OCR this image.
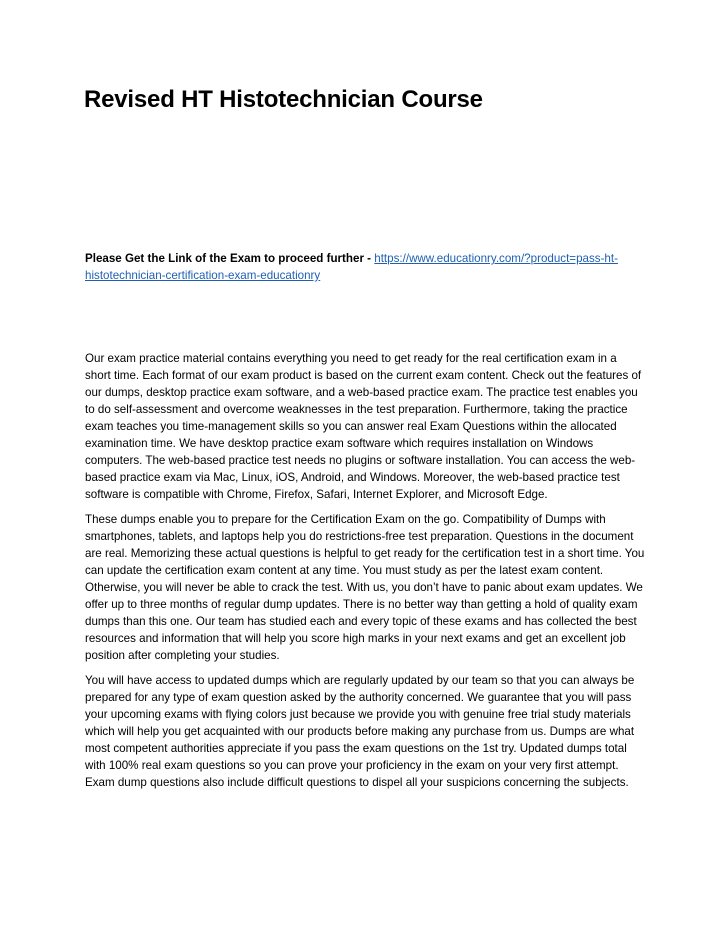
Revised HT Histotechnician Course

Please Get the Link of the Exam to proceed further - https://www.educationry.com/?product=pass-ht-histotechnician-certification-exam-educationry

Our exam practice material contains everything you need to get ready for the real certification exam in a short time. Each format of our exam product is based on the current exam content. Check out the features of our dumps, desktop practice exam software, and a web-based practice exam. The practice test enables you to do self-assessment and overcome weaknesses in the test preparation. Furthermore, taking the practice exam teaches you time-management skills so you can answer real Exam Questions within the allocated examination time. We have desktop practice exam software which requires installation on Windows computers. The web-based practice test needs no plugins or software installation. You can access the web-based practice exam via Mac, Linux, iOS, Android, and Windows. Moreover, the web-based practice test software is compatible with Chrome, Firefox, Safari, Internet Explorer, and Microsoft Edge.

These dumps enable you to prepare for the Certification Exam on the go. Compatibility of Dumps with smartphones, tablets, and laptops help you do restrictions-free test preparation. Questions in the document are real. Memorizing these actual questions is helpful to get ready for the certification test in a short time. You can update the certification exam content at any time. You must study as per the latest exam content. Otherwise, you will never be able to crack the test. With us, you don’t have to panic about exam updates. We offer up to three months of regular dump updates. There is no better way than getting a hold of quality exam dumps than this one. Our team has studied each and every topic of these exams and has collected the best resources and information that will help you score high marks in your next exams and get an excellent job position after completing your studies.

You will have access to updated dumps which are regularly updated by our team so that you can always be prepared for any type of exam question asked by the authority concerned. We guarantee that you will pass your upcoming exams with flying colors just because we provide you with genuine free trial study materials which will help you get acquainted with our products before making any purchase from us. Dumps are what most competent authorities appreciate if you pass the exam questions on the 1st try. Updated dumps total with 100% real exam questions so you can prove your proficiency in the exam on your very first attempt. Exam dump questions also include difficult questions to dispel all your suspicions concerning the subjects.
